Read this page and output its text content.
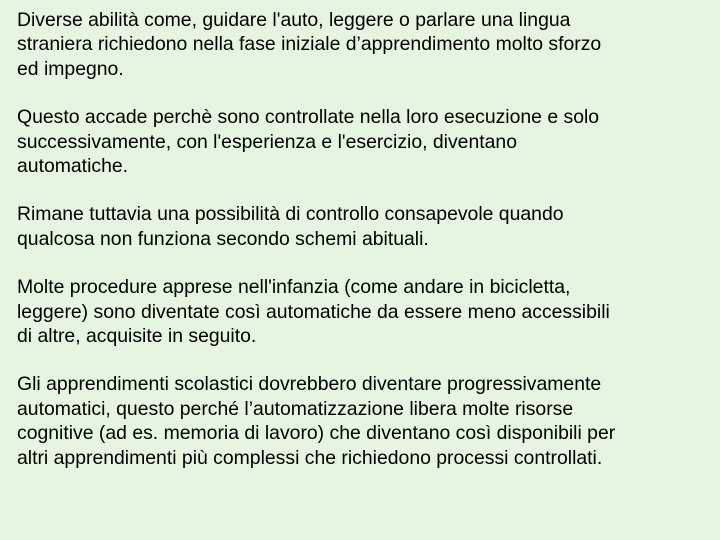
Diverse abilità come, guidare l'auto, leggere o parlare una lingua
straniera richiedono nella fase iniziale d’apprendimento molto sforzo
ed impegno.

Questo accade perchè sono controllate nella loro esecuzione e solo
successivamente, con l'esperienza e l'esercizio, diventano
automatiche.

Rimane tuttavia una possibilità di controllo consapevole quando
qualcosa non funziona secondo schemi abituali.

Molte procedure apprese nell'infanzia (come andare in bicicletta,
leggere) sono diventate così automatiche da essere meno accessibili
di altre, acquisite in seguito.

Gli apprendimenti scolastici dovrebbero diventare progressivamente
automatici, questo perché l’automatizzazione libera molte risorse
cognitive (ad es. memoria di lavoro) che diventano così disponibili per
altri apprendimenti più complessi che richiedono processi controllati.
